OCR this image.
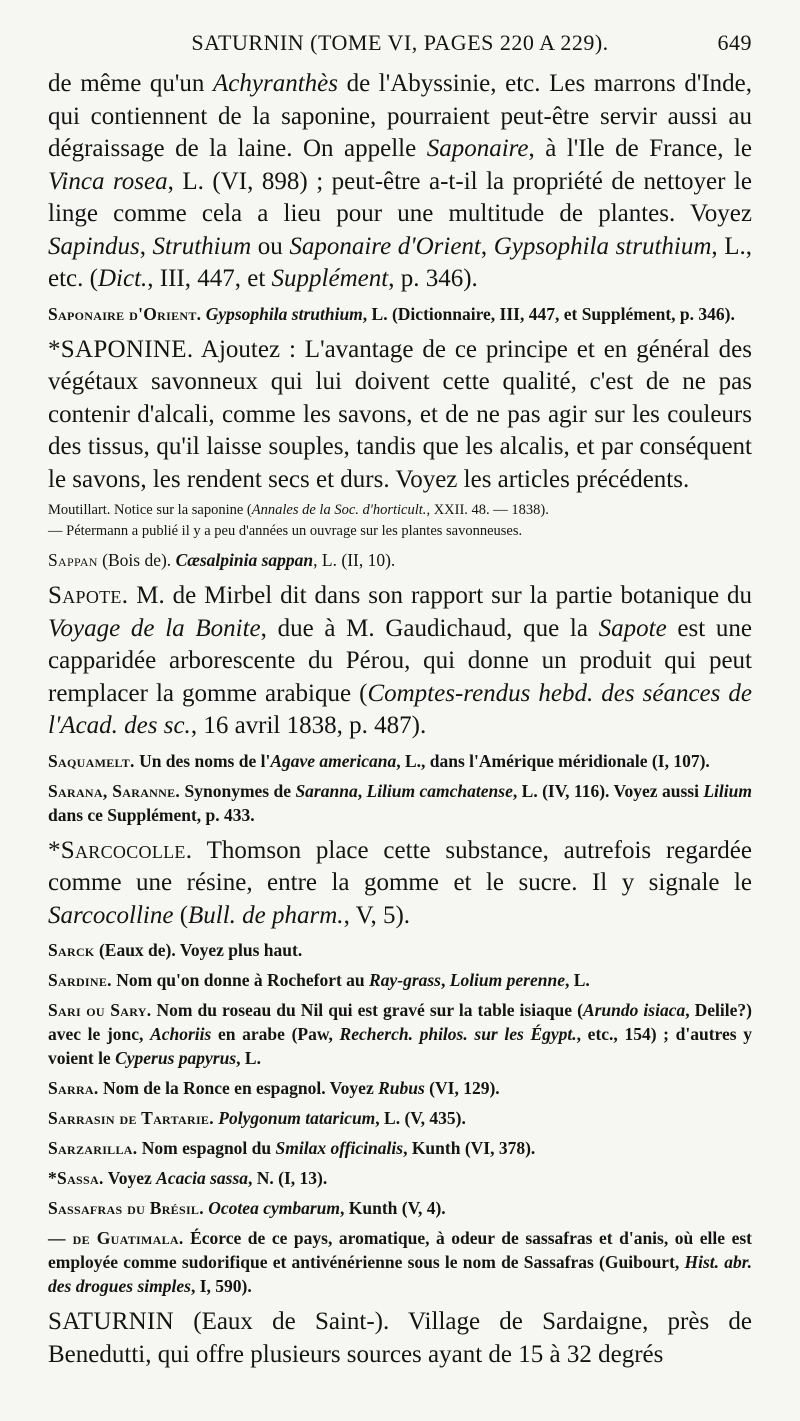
SATURNIN (TOME VI, PAGES 220 A 229).	649

de même qu'un Achyranthès de l'Abyssinie, etc. Les marrons d'Inde, qui contiennent de la saponine, pourraient peut-être servir aussi au dégraissage de la laine. On appelle Saponaire, à l'Ile de France, le Vinca rosea, L. (VI, 898) ; peut-être a-t-il la propriété de nettoyer le linge comme cela a lieu pour une multitude de plantes. Voyez Sapindus, Struthium ou Saponaire d'Orient, Gypsophila struthium, L., etc. (Dict., III, 447, et Supplément, p. 346).

Saponaire d'Orient. Gypsophila struthium, L. (Dictionnaire, III, 447, et Supplément, p. 346).

*SAPONINE. Ajoutez : L'avantage de ce principe et en général des végétaux savonneux qui lui doivent cette qualité, c'est de ne pas contenir d'alcali, comme les savons, et de ne pas agir sur les couleurs des tissus, qu'il laisse souples, tandis que les alcalis, et par conséquent le savons, les rendent secs et durs. Voyez les articles précédents.

Moutillart. Notice sur la saponine (Annales de la Soc. d'horticult., XXII. 48. — 1838).

— Pétermann a publié il y a peu d'années un ouvrage sur les plantes savonneuses.

Sappan (Bois de). Cæsalpinia sappan, L. (II, 10).

Sapote. M. de Mirbel dit dans son rapport sur la partie botanique du Voyage de la Bonite, due à M. Gaudichaud, que la Sapote est une capparidée arborescente du Pérou, qui donne un produit qui peut remplacer la gomme arabique (Comptes-rendus hebd. des séances de l'Acad. des sc., 16 avril 1838, p. 487).

Saquamelt. Un des noms de l'Agave americana, L., dans l'Amérique méridionale (I, 107).

Sarana, Saranne. Synonymes de Saranna, Lilium camchatense, L. (IV, 116). Voyez aussi Lilium dans ce Supplément, p. 433.

*Sarcocolle. Thomson place cette substance, autrefois regardée comme une résine, entre la gomme et le sucre. Il y signale le Sarcocolline (Bull. de pharm., V, 5).

Sarck (Eaux de). Voyez plus haut.

Sardine. Nom qu'on donne à Rochefort au Ray-grass, Lolium perenne, L.

Sari ou Sary. Nom du roseau du Nil qui est gravé sur la table isiaque (Arundo isiaca, Delile?) avec le jonc, Achoriis en arabe (Paw, Recherch. philos. sur les Égypt., etc., 154) ; d'autres y voient le Cyperus papyrus, L.

Sarra. Nom de la Ronce en espagnol. Voyez Rubus (VI, 129).

Sarrasin de Tartarie. Polygonum tataricum, L. (V, 435).

Sarzarilla. Nom espagnol du Smilax officinalis, Kunth (VI, 378).

*Sassa. Voyez Acacia sassa, N. (I, 13).

Sassafras du Brésil. Ocotea cymbarum, Kunth (V, 4).

— de Guatimala. Écorce de ce pays, aromatique, à odeur de sassafras et d'anis, où elle est employée comme sudorifique et antivénérienne sous le nom de Sassafras (Guibourt, Hist. abr. des drogues simples, I, 590).

SATURNIN (Eaux de Saint-). Village de Sardaigne, près de Benedutti, qui offre plusieurs sources ayant de 15 à 32 degrés
